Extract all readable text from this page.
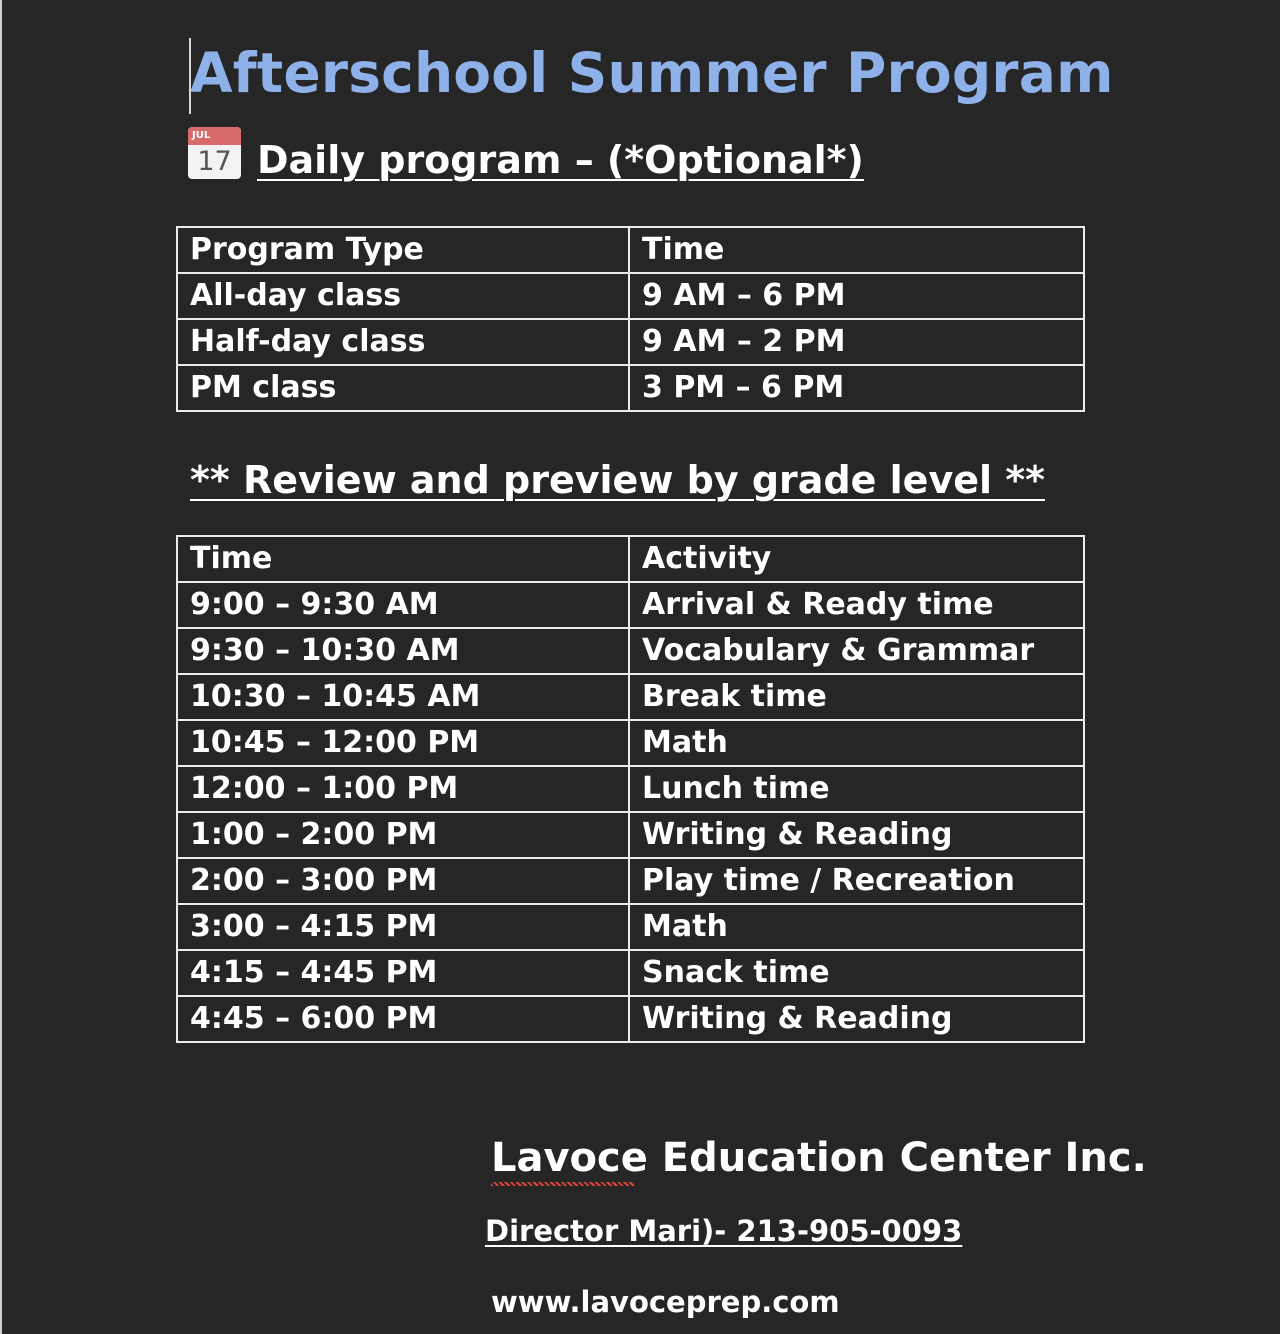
Afterschool Summer Program
JUL
17 Daily program – (*Optional*)
Program Type	Time
All-day class	9 AM – 6 PM
Half-day class	9 AM – 2 PM
PM class	3 PM – 6 PM
** Review and preview by grade level **
Time	Activity
9:00 – 9:30 AM	Arrival & Ready time
9:30 – 10:30 AM	Vocabulary & Grammar
10:30 – 10:45 AM	Break time
10:45 – 12:00 PM	Math
12:00 – 1:00 PM	Lunch time
1:00 – 2:00 PM	Writing & Reading
2:00 – 3:00 PM	Play time / Recreation
3:00 – 4:15 PM	Math
4:15 – 4:45 PM	Snack time
4:45 – 6:00 PM	Writing & Reading
Lavoce Education Center Inc.
Director Mari)- 213-905-0093
www.lavoceprep.com
